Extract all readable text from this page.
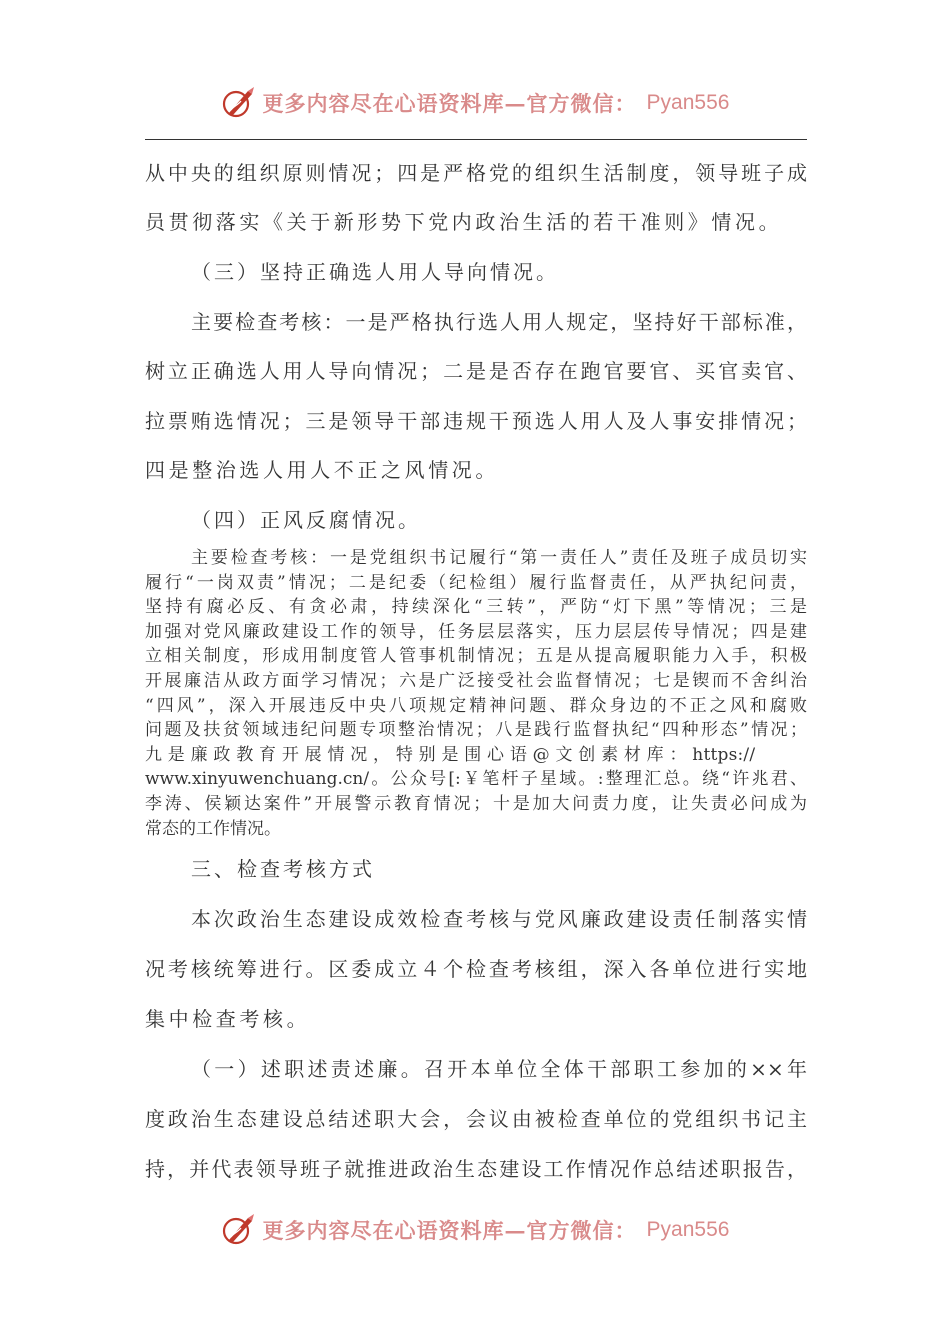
更多内容尽在心语资料库—官方微信： Pyan556
从中央的组织原则情况；四是严格党的组织生活制度，领导班子成
员贯彻落实《关于新形势下党内政治生活的若干准则》情况。
（三）坚持正确选人用人导向情况。
主要检查考核：一是严格执行选人用人规定，坚持好干部标准，
树立正确选人用人导向情况；二是是否存在跑官要官、买官卖官、
拉票贿选情况；三是领导干部违规干预选人用人及人事安排情况；
四是整治选人用人不正之风情况。
（四）正风反腐情况。
主要检查考核：一是党组织书记履行“第一责任人”责任及班子成员切实
履行“一岗双责”情况；二是纪委（纪检组）履行监督责任，从严执纪问责，
坚持有腐必反、有贪必肃，持续深化“三转”，严防“灯下黑”等情况；三是
加强对党风廉政建设工作的领导，任务层层落实，压力层层传导情况；四是建
立相关制度，形成用制度管人管事机制情况；五是从提高履职能力入手，积极
开展廉洁从政方面学习情况；六是广泛接受社会监督情况；七是锲而不舍纠治
“四风”，深入开展违反中央八项规定精神问题、群众身边的不正之风和腐败
问题及扶贫领域违纪问题专项整治情况；八是践行监督执纪“四种形态”情况；
九 是 廉 政 教 育 开 展 情 况 ， 特 别 是 围 心 语 @ 文 创 素 材 库 ： https://
www.xinyuwenchuang.cn/。公众号[:￥笔杆子星域。:整理汇总。绕“许兆君、
李涛、侯颖达案件”开展警示教育情况；十是加大问责力度，让失责必问成为
常态的工作情况。
三、检查考核方式
本次政治生态建设成效检查考核与党风廉政建设责任制落实情
况考核统筹进行。区委成立４个检查考核组，深入各单位进行实地
集中检查考核。
（一）述职述责述廉。召开本单位全体干部职工参加的××年
度政治生态建设总结述职大会，会议由被检查单位的党组织书记主
持，并代表领导班子就推进政治生态建设工作情况作总结述职报告，
更多内容尽在心语资料库—官方微信： Pyan556
